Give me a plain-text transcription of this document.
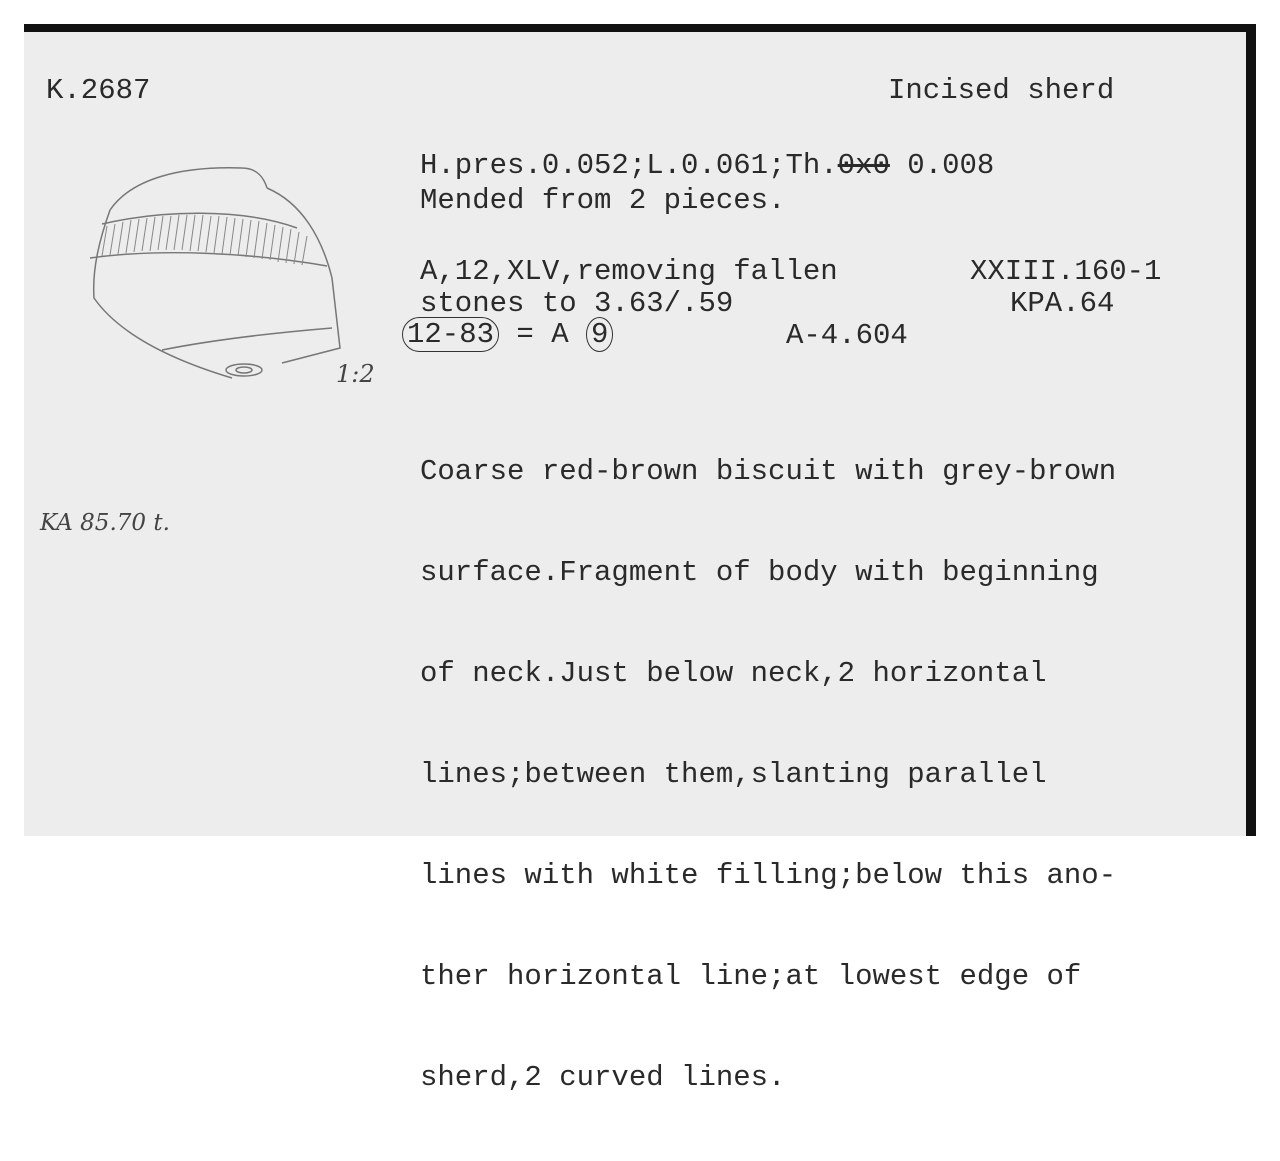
K.2687	Incised sherd
1:2
KA 85.70 t.
H.pres.0.052;L.0.061;Th.0x0 0.008
Mended from 2 pieces.
A,12,XLV,removing fallen
stones to 3.63/.59
12-83 = A 9	A-4.604
XXIII.160-1
KPA.64

Coarse red-brown biscuit with grey-brown

surface.Fragment of body with beginning

of neck.Just below neck,2 horizontal

lines;between them,slanting parallel

lines with white filling;below this ano-

ther horizontal line;at lowest edge of

sherd,2 curved lines.
